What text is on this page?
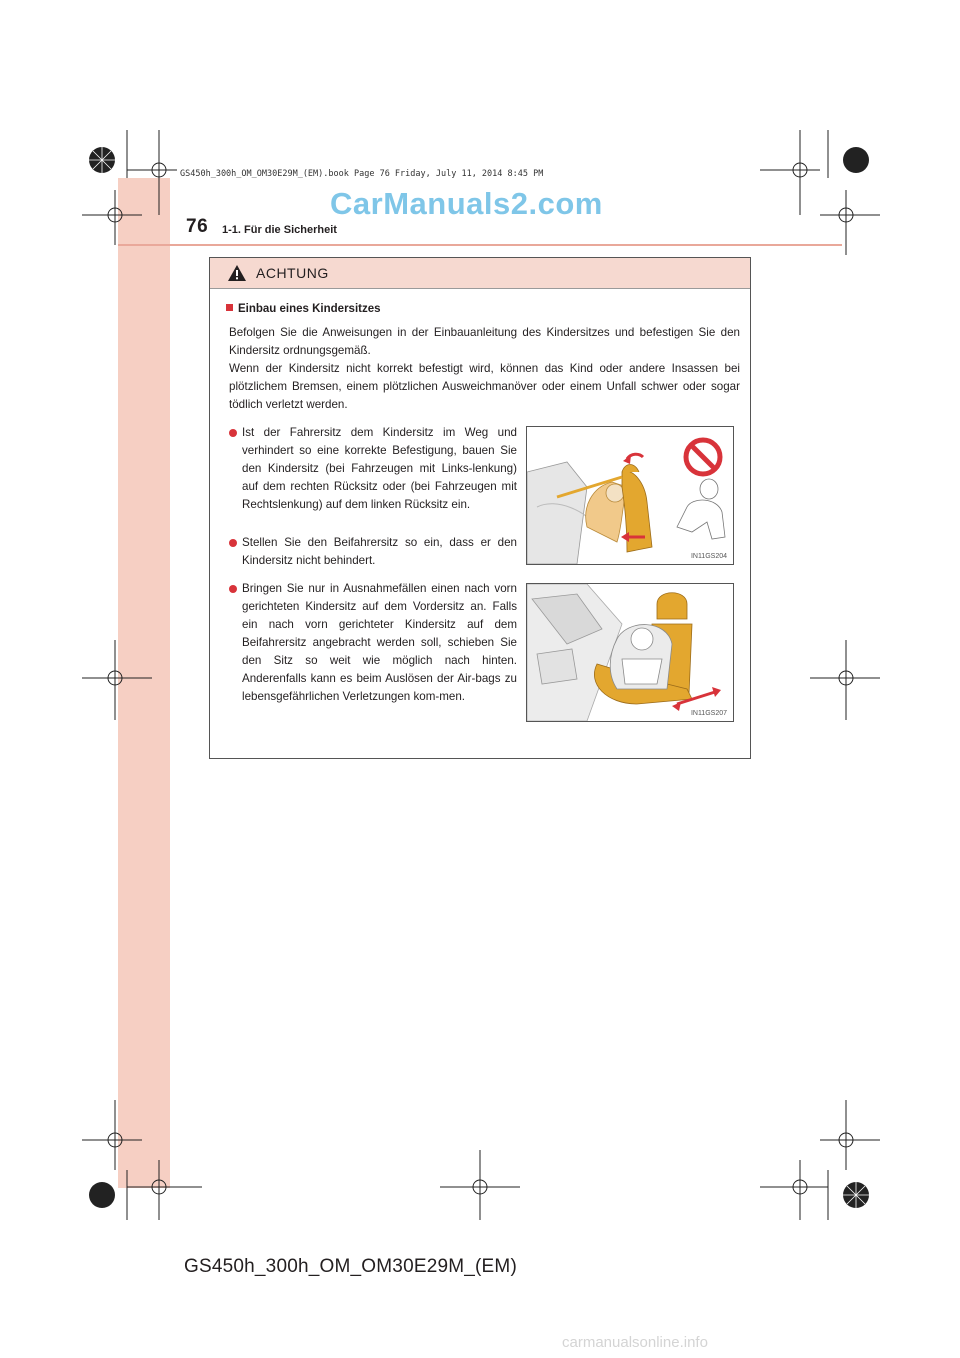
GS450h_300h_OM_OM30E29M_(EM).book Page 76 Friday, July 11, 2014 8:45 PM
CarManuals2.com
76 1-1. Für die Sicherheit
ACHTUNG
Einbau eines Kindersitzes
Befolgen Sie die Anweisungen in der Einbauanleitung des Kindersitzes und befestigen Sie den Kindersitz ordnungsgemäß.
Wenn der Kindersitz nicht korrekt befestigt wird, können das Kind oder andere Insassen bei plötzlichem Bremsen, einem plötzlichen Ausweichmanöver oder einem Unfall schwer oder sogar tödlich verletzt werden.
Ist der Fahrersitz dem Kindersitz im Weg und verhindert so eine korrekte Befestigung, bauen Sie den Kindersitz (bei Fahrzeugen mit Links-lenkung) auf dem rechten Rücksitz oder (bei Fahrzeugen mit Rechtslenkung) auf dem linken Rücksitz ein.
Stellen Sie den Beifahrersitz so ein, dass er den Kindersitz nicht behindert.
Bringen Sie nur in Ausnahmefällen einen nach vorn gerichteten Kindersitz auf dem Vordersitz an. Falls ein nach vorn gerichteter Kindersitz auf dem Beifahrersitz angebracht werden soll, schieben Sie den Sitz so weit wie möglich nach hinten. Anderenfalls kann es beim Auslösen der Air-bags zu lebensgefährlichen Verletzungen kom-men.
IN11GS204
IN11GS207
GS450h_300h_OM_OM30E29M_(EM)
carmanualsonline.info
